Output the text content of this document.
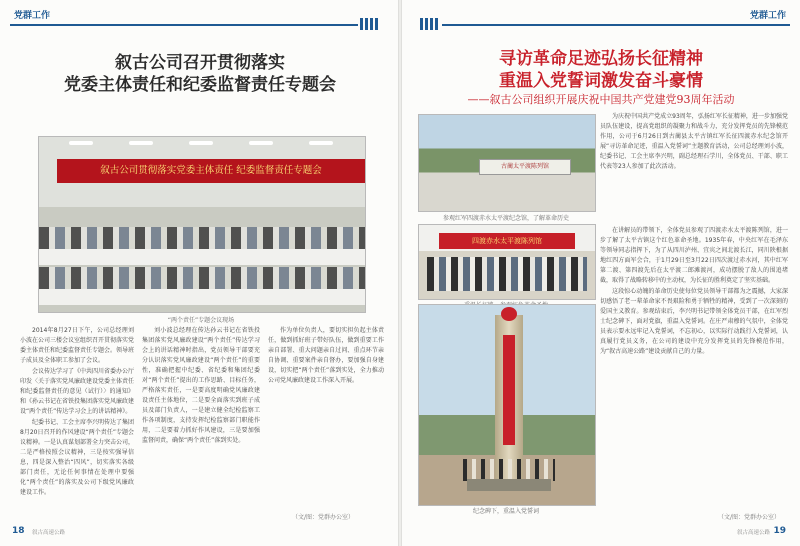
党群工作
叙古公司召开贯彻落实
党委主体责任和纪委监督责任专题会
叙古公司贯彻落实党委主体责任 纪委监督责任专题会
“两个责任”专题会议现场

2014年8月27日下午，公司总经理刘小波在公司三楼会议室组织召开贯彻落实党委主体责任和纪委监督责任专题会。领导班子成员及全体职工参加了会议。

会议传达学习了《中共四川省委办公厅印发〈关于落实党风廉政建设党委主体责任和纪委监督责任的意见（试行）〉的通知》和《孙云书记在省铁投集团落实党风廉政建设“两个责任”传达学习会上的讲话精神》。

纪委书记、工会主席李兴明传达了集团8月20日召开的作风建设“两个责任”专题会议精神。一是认真谋划部署全力突击公司，二是严格按照会议精神，三是按实强导信息，四是深入整治“四风”，切实落实各级部门责任，无论任何事情在处理中要强化“两个责任”的落实及公司下级党风廉政建设工作。

刘小波总经理在传达孙云书记在省铁投集团落实党风廉政建设“两个责任”传达学习会上的讲话精神时指出，党员领导干部要充分认识落实党风廉政建设“两个责任”的重要性，准确把握中纪委、省纪委和集团纪委对“两个责任”提出的工作思路、目标任务，严格落实责任，一是要高度明确党风廉政建设责任主体地位，二是要全面落实到班子成员及部门负责人，一是建立健全纪检监察工作各项制度，支持发挥纪检监察部门职能作用，二是要着力抓好作风建设，三是要加强监督问责，确保“两个责任”落到实处。

作为单位负责人，要切实担负起主体责任，做到抓好班子带好队伍，做到重要工作亲自部署、重大问题亲自过问、重点环节亲自协调、重要案件亲自督办，要加强自身建设，切实把“两个责任”落到实处，全力推动公司党风廉政建设工作深入开展。

（文/图：党群办公室）
18 叙古高速公路
党群工作
寻访革命足迹弘扬长征精神
重温入党誓词激发奋斗豪情
——叙古公司组织开展庆祝中国共产党建党93周年活动
古蔺太平渡陈列馆
参观红军四渡赤水太平渡纪念馆，了解革命历史
四渡赤水太平渡陈列馆
纪念碑下，重温入党誓词

为庆祝中国共产党成立93周年，弘扬红军长征精神，进一步加强党员队伍建设，提高党组织的凝聚力和战斗力，充分发挥党员的先锋模范作用，公司于6月26日到古蔺县太平古镇红军长征四渡赤水纪念馆开展“寻访革命足迹，重温入党誓词”主题教育活动，公司总经理刘小波，纪委书记、工会主席李兴明，副总经理石学川，全体党员、干部、职工代表等23人参加了此次活动。

在讲解员的带领下，全体党员参观了四渡赤水太平渡陈列馆，进一步了解了太平古镇这个红色革命圣地。1935年春，中央红军在毛泽东等领导同志指挥下，为了从四川泸州、宜宾之间北渡长江，同川陕根据地红四方面军会合，于1月29日至3月22日四次渡过赤水河，其中红军第二渡、第四渡先后在太平渡二郎滩渡河，成功摆脱了敌人的围追堵截，取得了战略转移中的主动权，为长征的胜利奠定了坚实基础。

这段惊心动魄的革命历史使每位党员领导干部都为之震撼，大家深切感悟了老一辈革命家不畏艰险和勇于牺牲的精神，受到了一次深刻的爱国主义教育。参观结束后，李兴明书记带领全体党员干部，在红军烈士纪念碑下，面对党旗，重温入党誓词。在庄严肃穆的气氛中，全体党员表示要永远牢记入党誓词，不忘初心，以实际行动践行入党誓词，认真履行党员义务，在公司的建设中充分发挥党员的先锋模范作用，为“叙古高速公路”建设贡献自己的力量。

（文/图：党群办公室）
19
叙古高速公路
